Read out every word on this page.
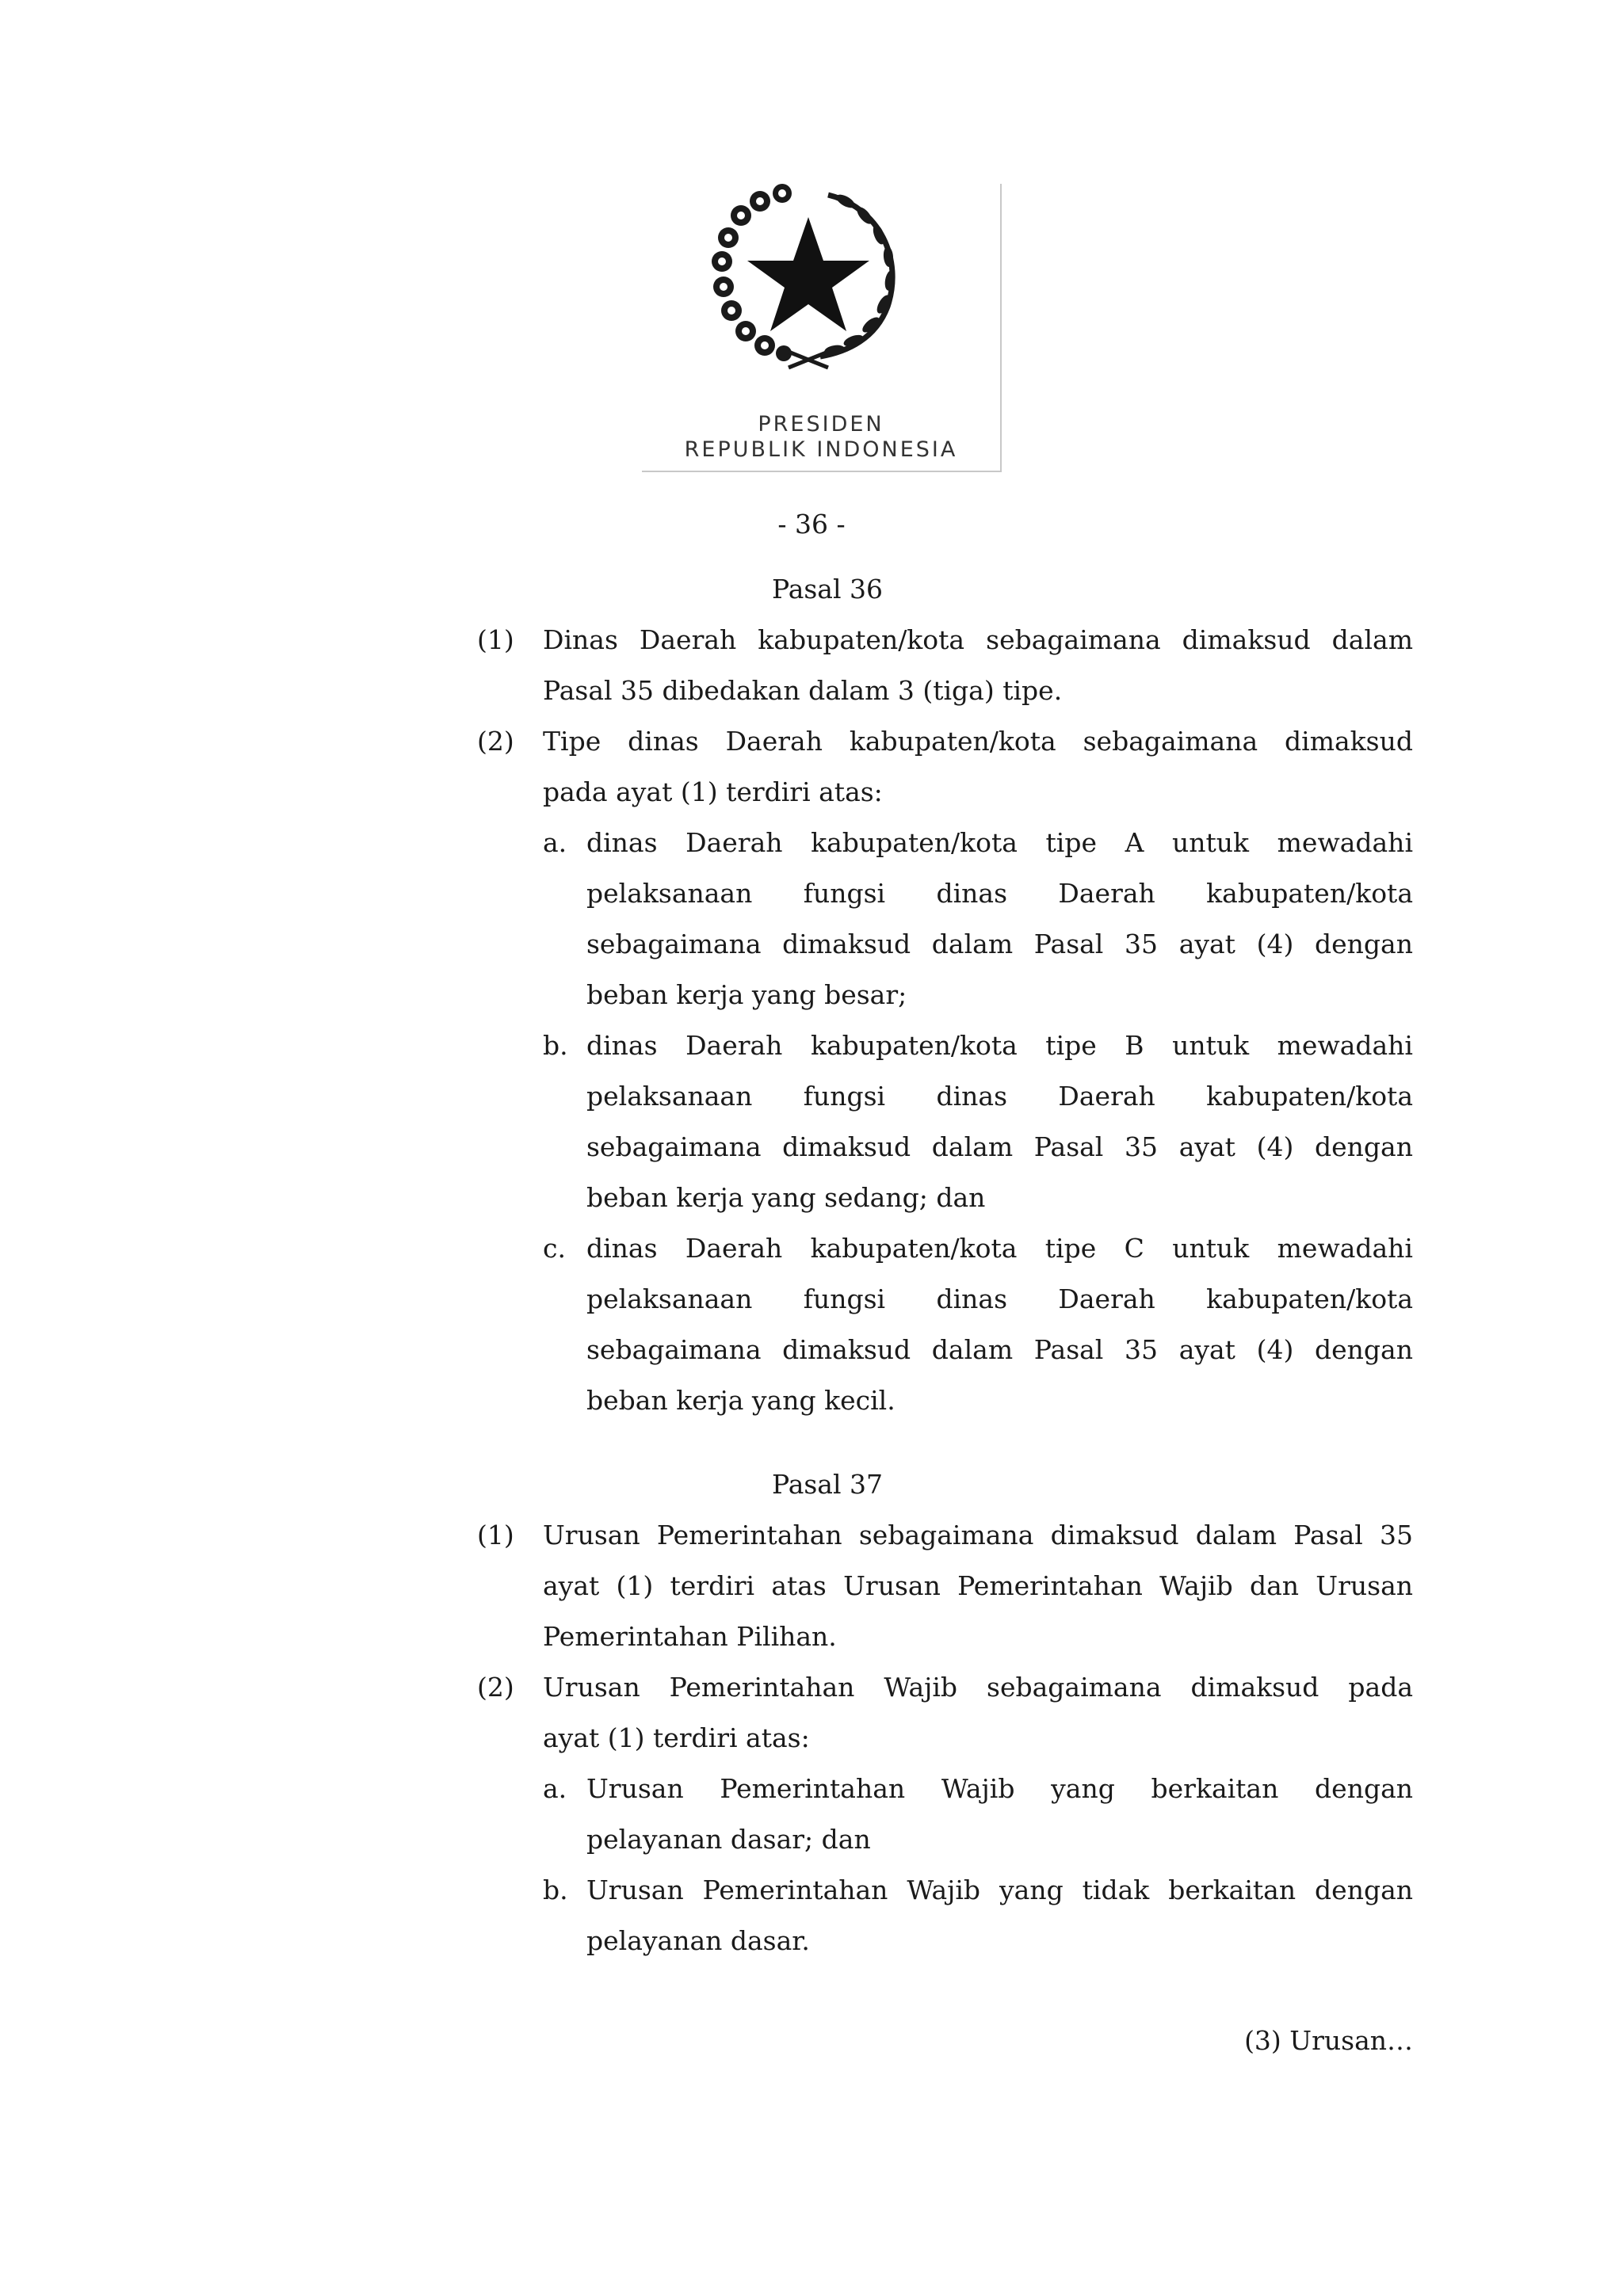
PRESIDEN
REPUBLIK INDONESIA
- 36 -
Pasal 36
(1) Dinas Daerah kabupaten/kota sebagaimana dimaksud dalam
Pasal 35 dibedakan dalam 3 (tiga) tipe.
(2) Tipe dinas Daerah kabupaten/kota sebagaimana dimaksud
pada ayat (1) terdiri atas:
a. dinas Daerah kabupaten/kota tipe A untuk mewadahi
pelaksanaan fungsi dinas Daerah kabupaten/kota
sebagaimana dimaksud dalam Pasal 35 ayat (4) dengan
beban kerja yang besar;
b. dinas Daerah kabupaten/kota tipe B untuk mewadahi
pelaksanaan fungsi dinas Daerah kabupaten/kota
sebagaimana dimaksud dalam Pasal 35 ayat (4) dengan
beban kerja yang sedang; dan
c. dinas Daerah kabupaten/kota tipe C untuk mewadahi
pelaksanaan fungsi dinas Daerah kabupaten/kota
sebagaimana dimaksud dalam Pasal 35 ayat (4) dengan
beban kerja yang kecil.
Pasal 37
(1) Urusan Pemerintahan sebagaimana dimaksud dalam Pasal 35
ayat (1) terdiri atas Urusan Pemerintahan Wajib dan Urusan
Pemerintahan Pilihan.
(2) Urusan Pemerintahan Wajib sebagaimana dimaksud pada
ayat (1) terdiri atas:
a. Urusan Pemerintahan Wajib yang berkaitan dengan
pelayanan dasar; dan
b. Urusan Pemerintahan Wajib yang tidak berkaitan dengan
pelayanan dasar.
(3) Urusan…
